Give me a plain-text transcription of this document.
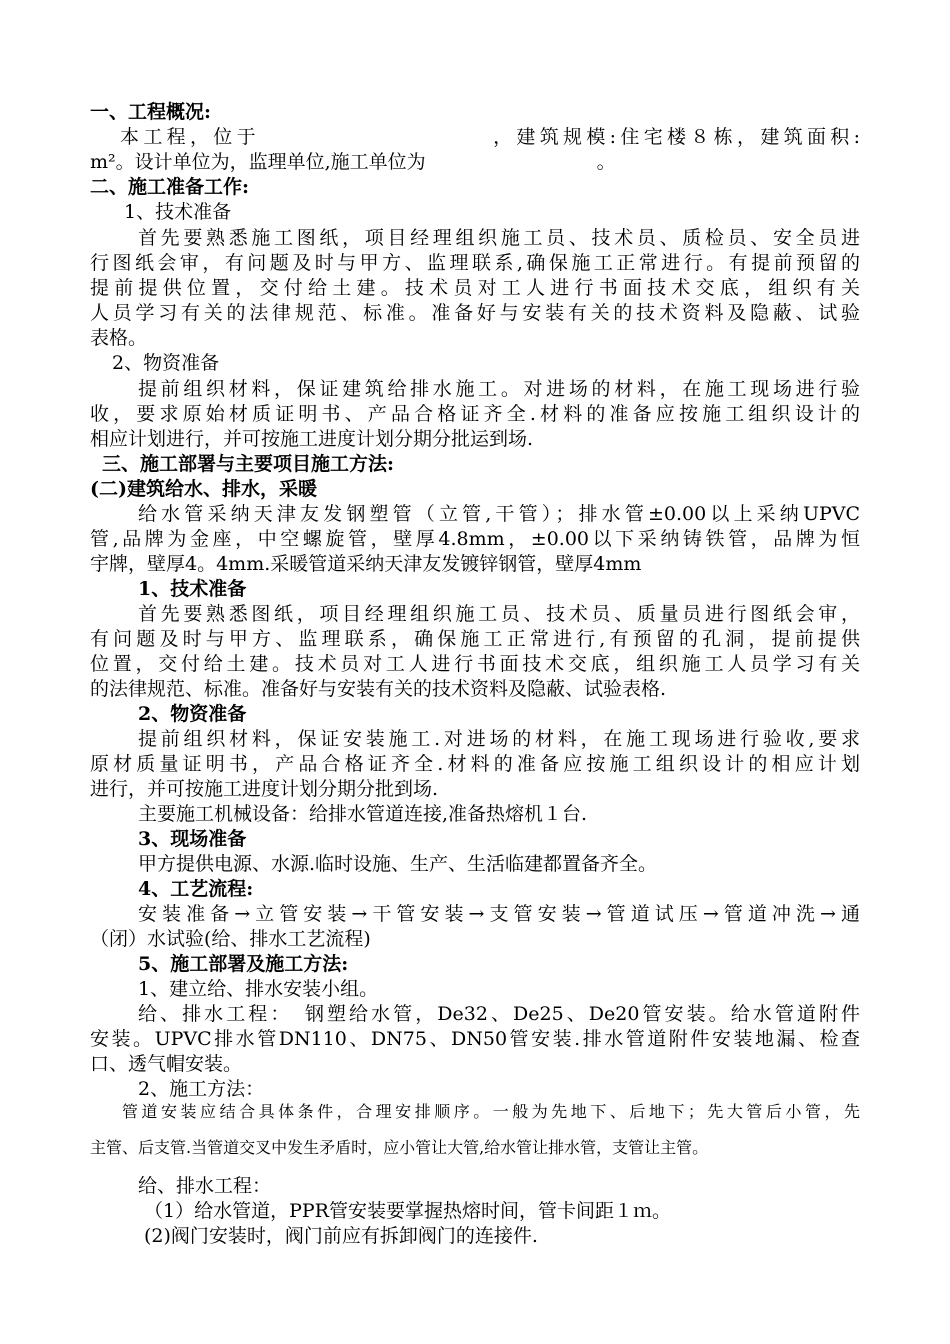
一、工程概况:
本工程，位于　　　　　　　　　　，建筑规模:住宅楼８栋，建筑面积:
m²。设计单位为，监理单位,施工单位为　　　　　　　　　。
二、施工准备工作:
1、技术准备
首先要熟悉施工图纸，项目经理组织施工员、技术员、质检员、安全员进
行图纸会审，有问题及时与甲方、监理联系,确保施工正常进行。有提前预留的
提前提供位置，交付给土建。技术员对工人进行书面技术交底，组织有关
人员学习有关的法律规范、标准。准备好与安装有关的技术资料及隐蔽、试验
表格。
2、物资准备
提前组织材料，保证建筑给排水施工。对进场的材料，在施工现场进行验
收，要求原始材质证明书、产品合格证齐全.材料的准备应按施工组织设计的
相应计划进行，并可按施工进度计划分期分批运到场.
三、施工部署与主要项目施工方法:
(二)建筑给水、排水，采暖
给水管采纳天津友发钢塑管（立管,干管）；排水管±0.00以上采纳UPVC
管,品牌为金座，中空螺旋管，壁厚4.8mm，±0.00以下采纳铸铁管，品牌为恒
宇牌，壁厚4。4mm.采暖管道采纳天津友发镀锌钢管，壁厚4mm
1、技术准备
首先要熟悉图纸，项目经理组织施工员、技术员、质量员进行图纸会审，
有问题及时与甲方、监理联系，确保施工正常进行,有预留的孔洞，提前提供
位置，交付给土建。技术员对工人进行书面技术交底，组织施工人员学习有关
的法律规范、标准。准备好与安装有关的技术资料及隐蔽、试验表格.
2、物资准备
提前组织材料，保证安装施工.对进场的材料，在施工现场进行验收,要求
原材质量证明书，产品合格证齐全.材料的准备应按施工组织设计的相应计划
进行，并可按施工进度计划分期分批到场.
主要施工机械设备：给排水管道连接,准备热熔机１台.
3、现场准备
甲方提供电源、水源.临时设施、生产、生活临建都置备齐全。
4、工艺流程:
安装准备→立管安装→干管安装→支管安装→管道试压→管道冲洗→通
（闭）水试验(给、排水工艺流程)
5、施工部署及施工方法:
1、建立给、排水安装小组。
给、排水工程：　钢塑给水管，De32、De25、De20管安装。给水管道附件
安装。UPVC排水管DN110、DN75、DN50管安装.排水管道附件安装地漏、检查
口、透气帽安装。
2、施工方法：
管道安装应结合具体条件，合理安排顺序。一般为先地下、后地下；先大管后小管，先
主管、后支管.当管道交叉中发生矛盾时，应小管让大管,给水管让排水管，支管让主管。
给、排水工程：
（1）给水管道，PPR管安装要掌握热熔时间，管卡间距１ｍ。
(2)阀门安装时，阀门前应有拆卸阀门的连接件.
